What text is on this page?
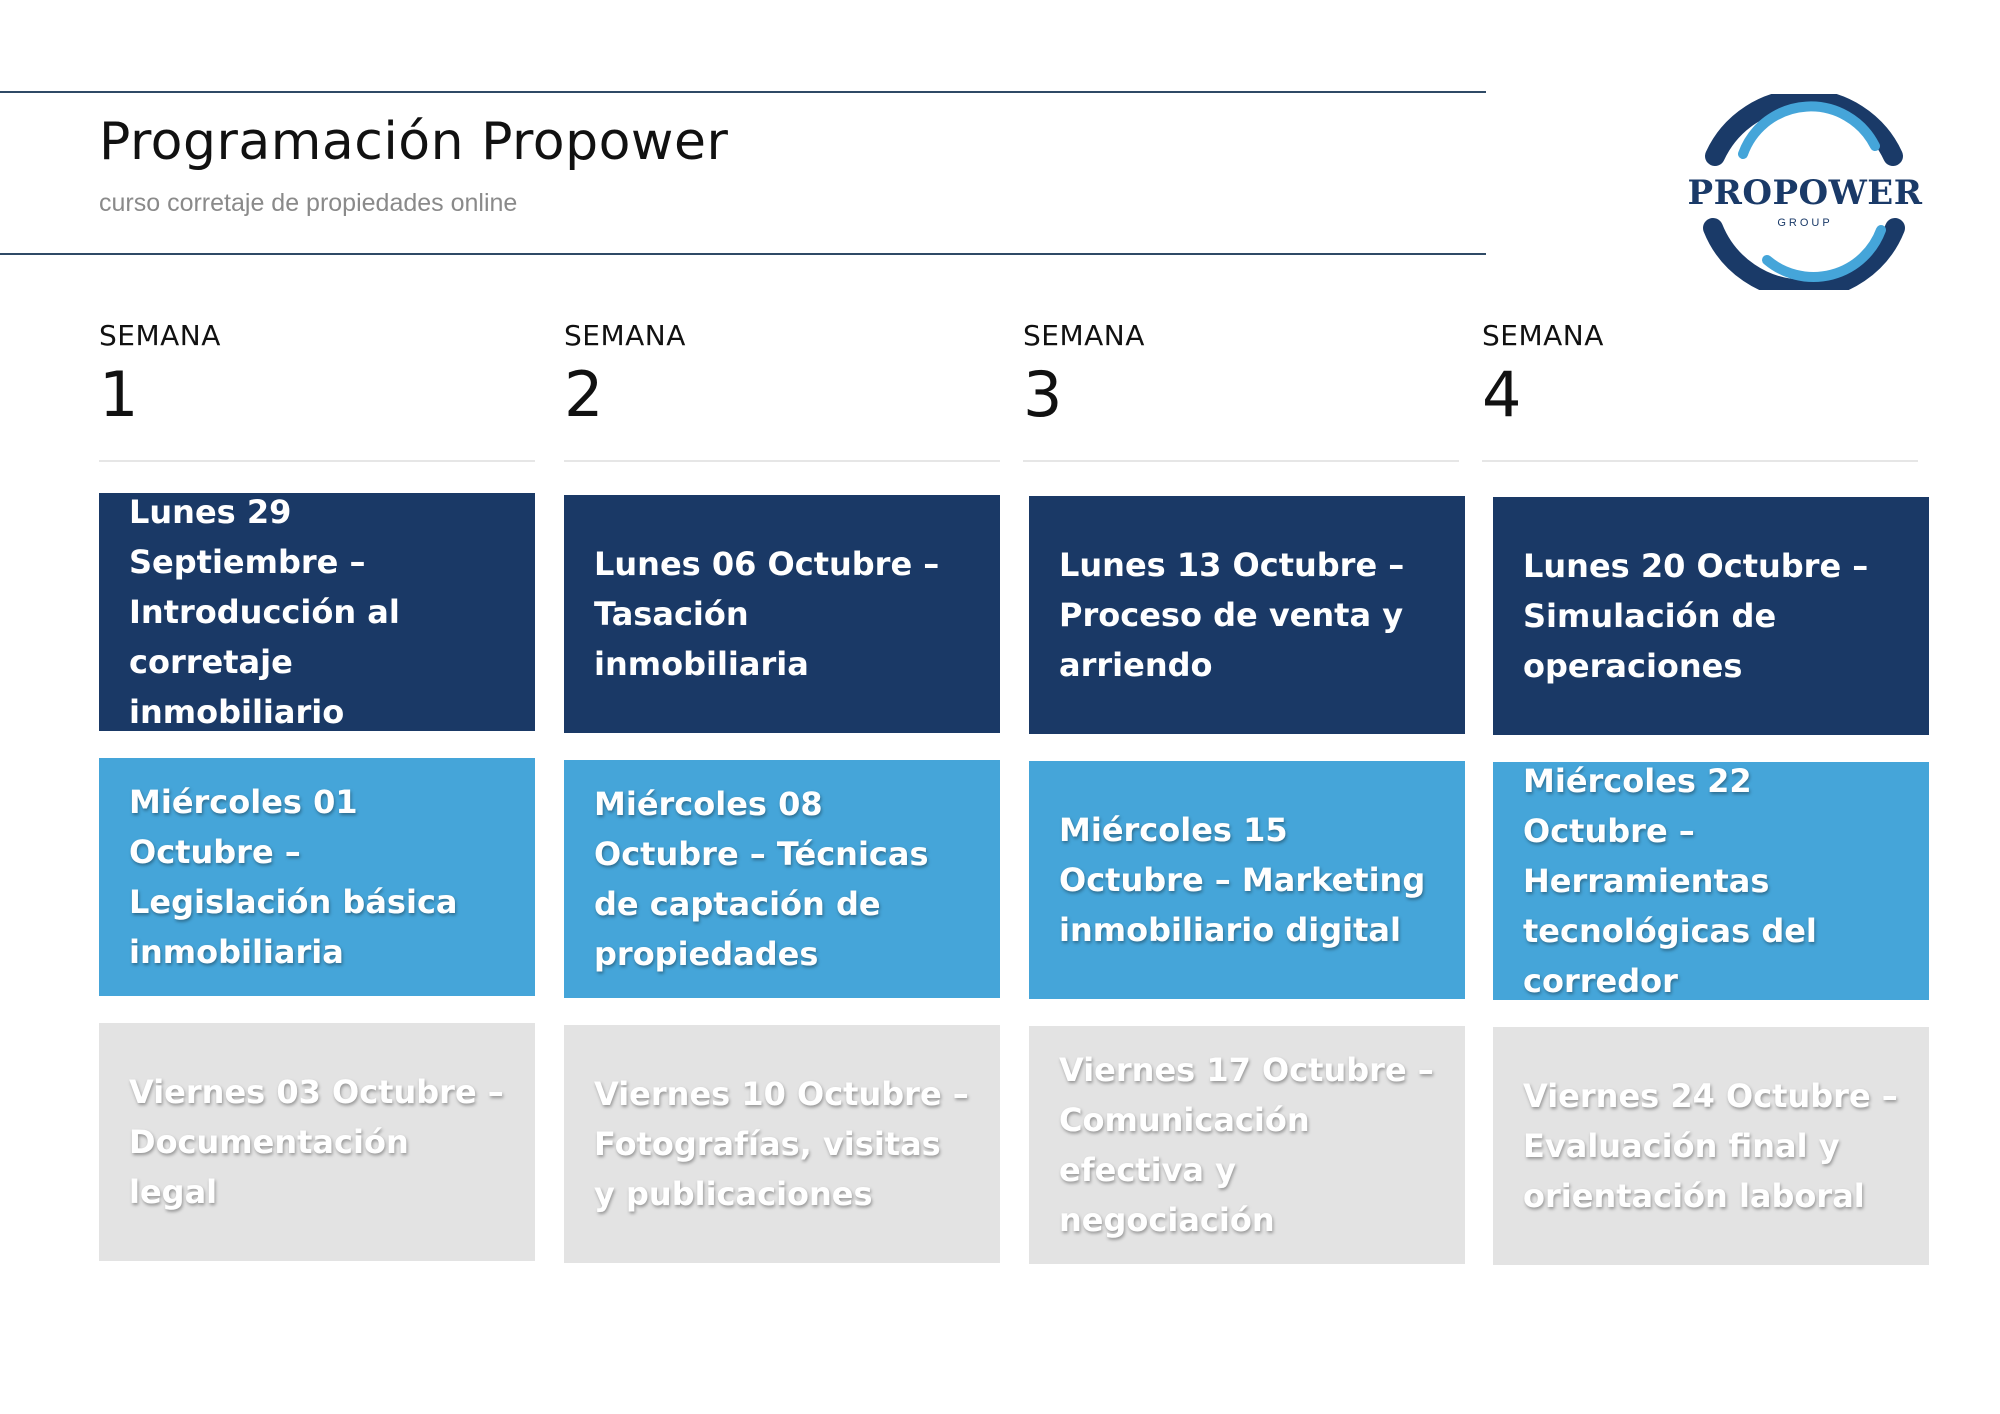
Programación Propower
curso corretaje de propiedades online	PROPOWER
GROUP
SEMANA
1
Lunes 29 Septiembre – Introducción al corretaje inmobiliario
Miércoles 01 Octubre – Legislación básica inmobiliaria
Viernes 03 Octubre – Documentación legal
SEMANA
2
Lunes 06 Octubre – Tasación inmobiliaria
Miércoles 08 Octubre – Técnicas de captación de propiedades
Viernes 10 Octubre – Fotografías, visitas y publicaciones
SEMANA
3
Lunes 13 Octubre – Proceso de venta y arriendo
Miércoles 15 Octubre – Marketing inmobiliario digital
Viernes 17 Octubre – Comunicación efectiva y negociación
SEMANA
4
Lunes 20 Octubre – Simulación de operaciones
Miércoles 22 Octubre – Herramientas tecnológicas del corredor
Viernes 24 Octubre – Evaluación final y orientación laboral
